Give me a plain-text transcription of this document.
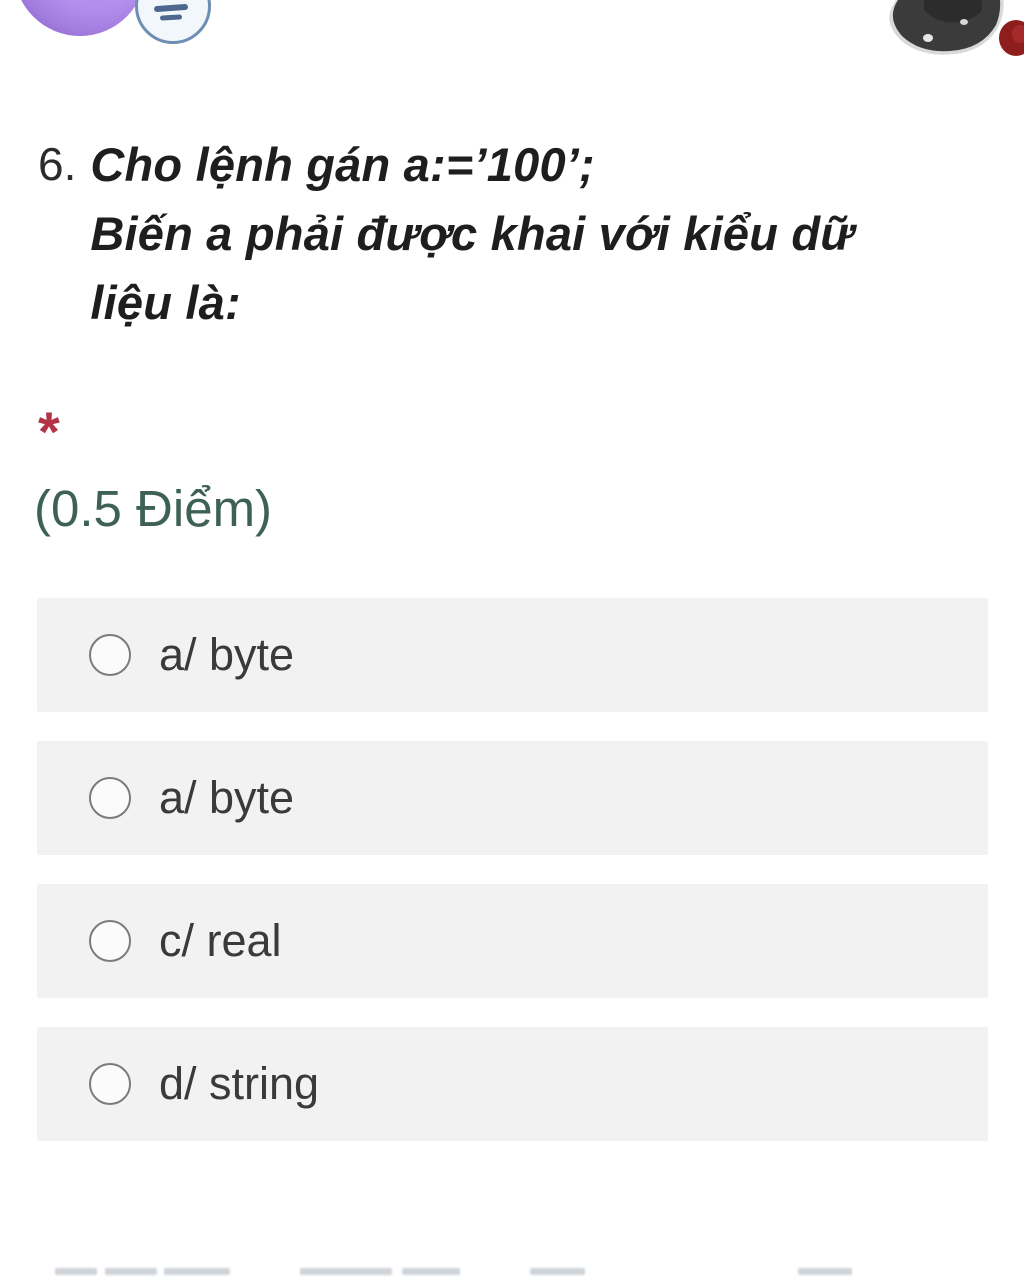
6. Cho lệnh gán a:=’100’;
Biến a phải được khai với kiểu dữ
liệu là:
*
(0.5 Điểm)
a/ byte
a/ byte
c/ real
d/ string
